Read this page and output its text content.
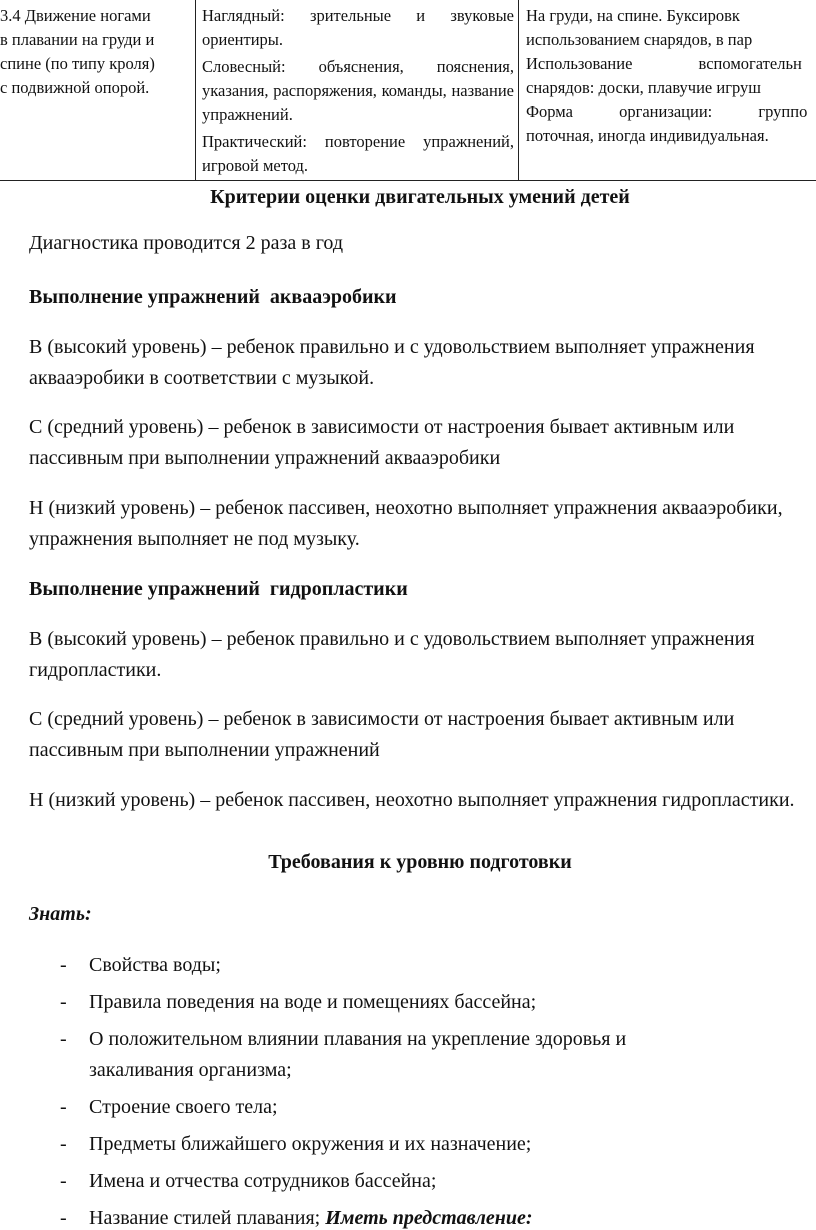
3.4 Движение ногами
в плавании на груди и
спине (по типу кроля)
с подвижной опорой.

Наглядный: зрительные и звуковые ориентиры.

Словесный: объяснения, пояснения, указания, распоряжения, команды, название упражнений.

Практический: повторение упражнений, игровой метод.

На груди, на спине. Буксировк
использованием снарядов, в пар
Использование вспомогательн
снарядов: доски, плавучие игруш
Форма организации: группо
поточная, иногда индивидуальная.

Критерии оценки двигательных умений детей

Диагностика проводится 2 раза в год

Выполнение упражнений  аквааэробики

В (высокий уровень) – ребенок правильно и с удовольствием выполняет упражнения аквааэробики в соответствии с музыкой.

С (средний уровень) – ребенок в зависимости от настроения бывает активным или пассивным при выполнении упражнений аквааэробики

Н (низкий уровень) – ребенок пассивен, неохотно выполняет упражнения аквааэробики, упражнения выполняет не под музыку.

Выполнение упражнений  гидропластики

В (высокий уровень) – ребенок правильно и с удовольствием выполняет упражнения гидропластики.

С (средний уровень) – ребенок в зависимости от настроения бывает активным или пассивным при выполнении упражнений

Н (низкий уровень) – ребенок пассивен, неохотно выполняет упражнения гидропластики.

Требования к уровню подготовки

Знать:

- Свойства воды;
- Правила поведения на воде и помещениях бассейна;
- О положительном влиянии плавания на укрепление здоровья и закаливания организма;
- Строение своего тела;
- Предметы ближайшего окружения и их назначение;
- Имена и отчества сотрудников бассейна;
- Название стилей плавания; Иметь представление:
